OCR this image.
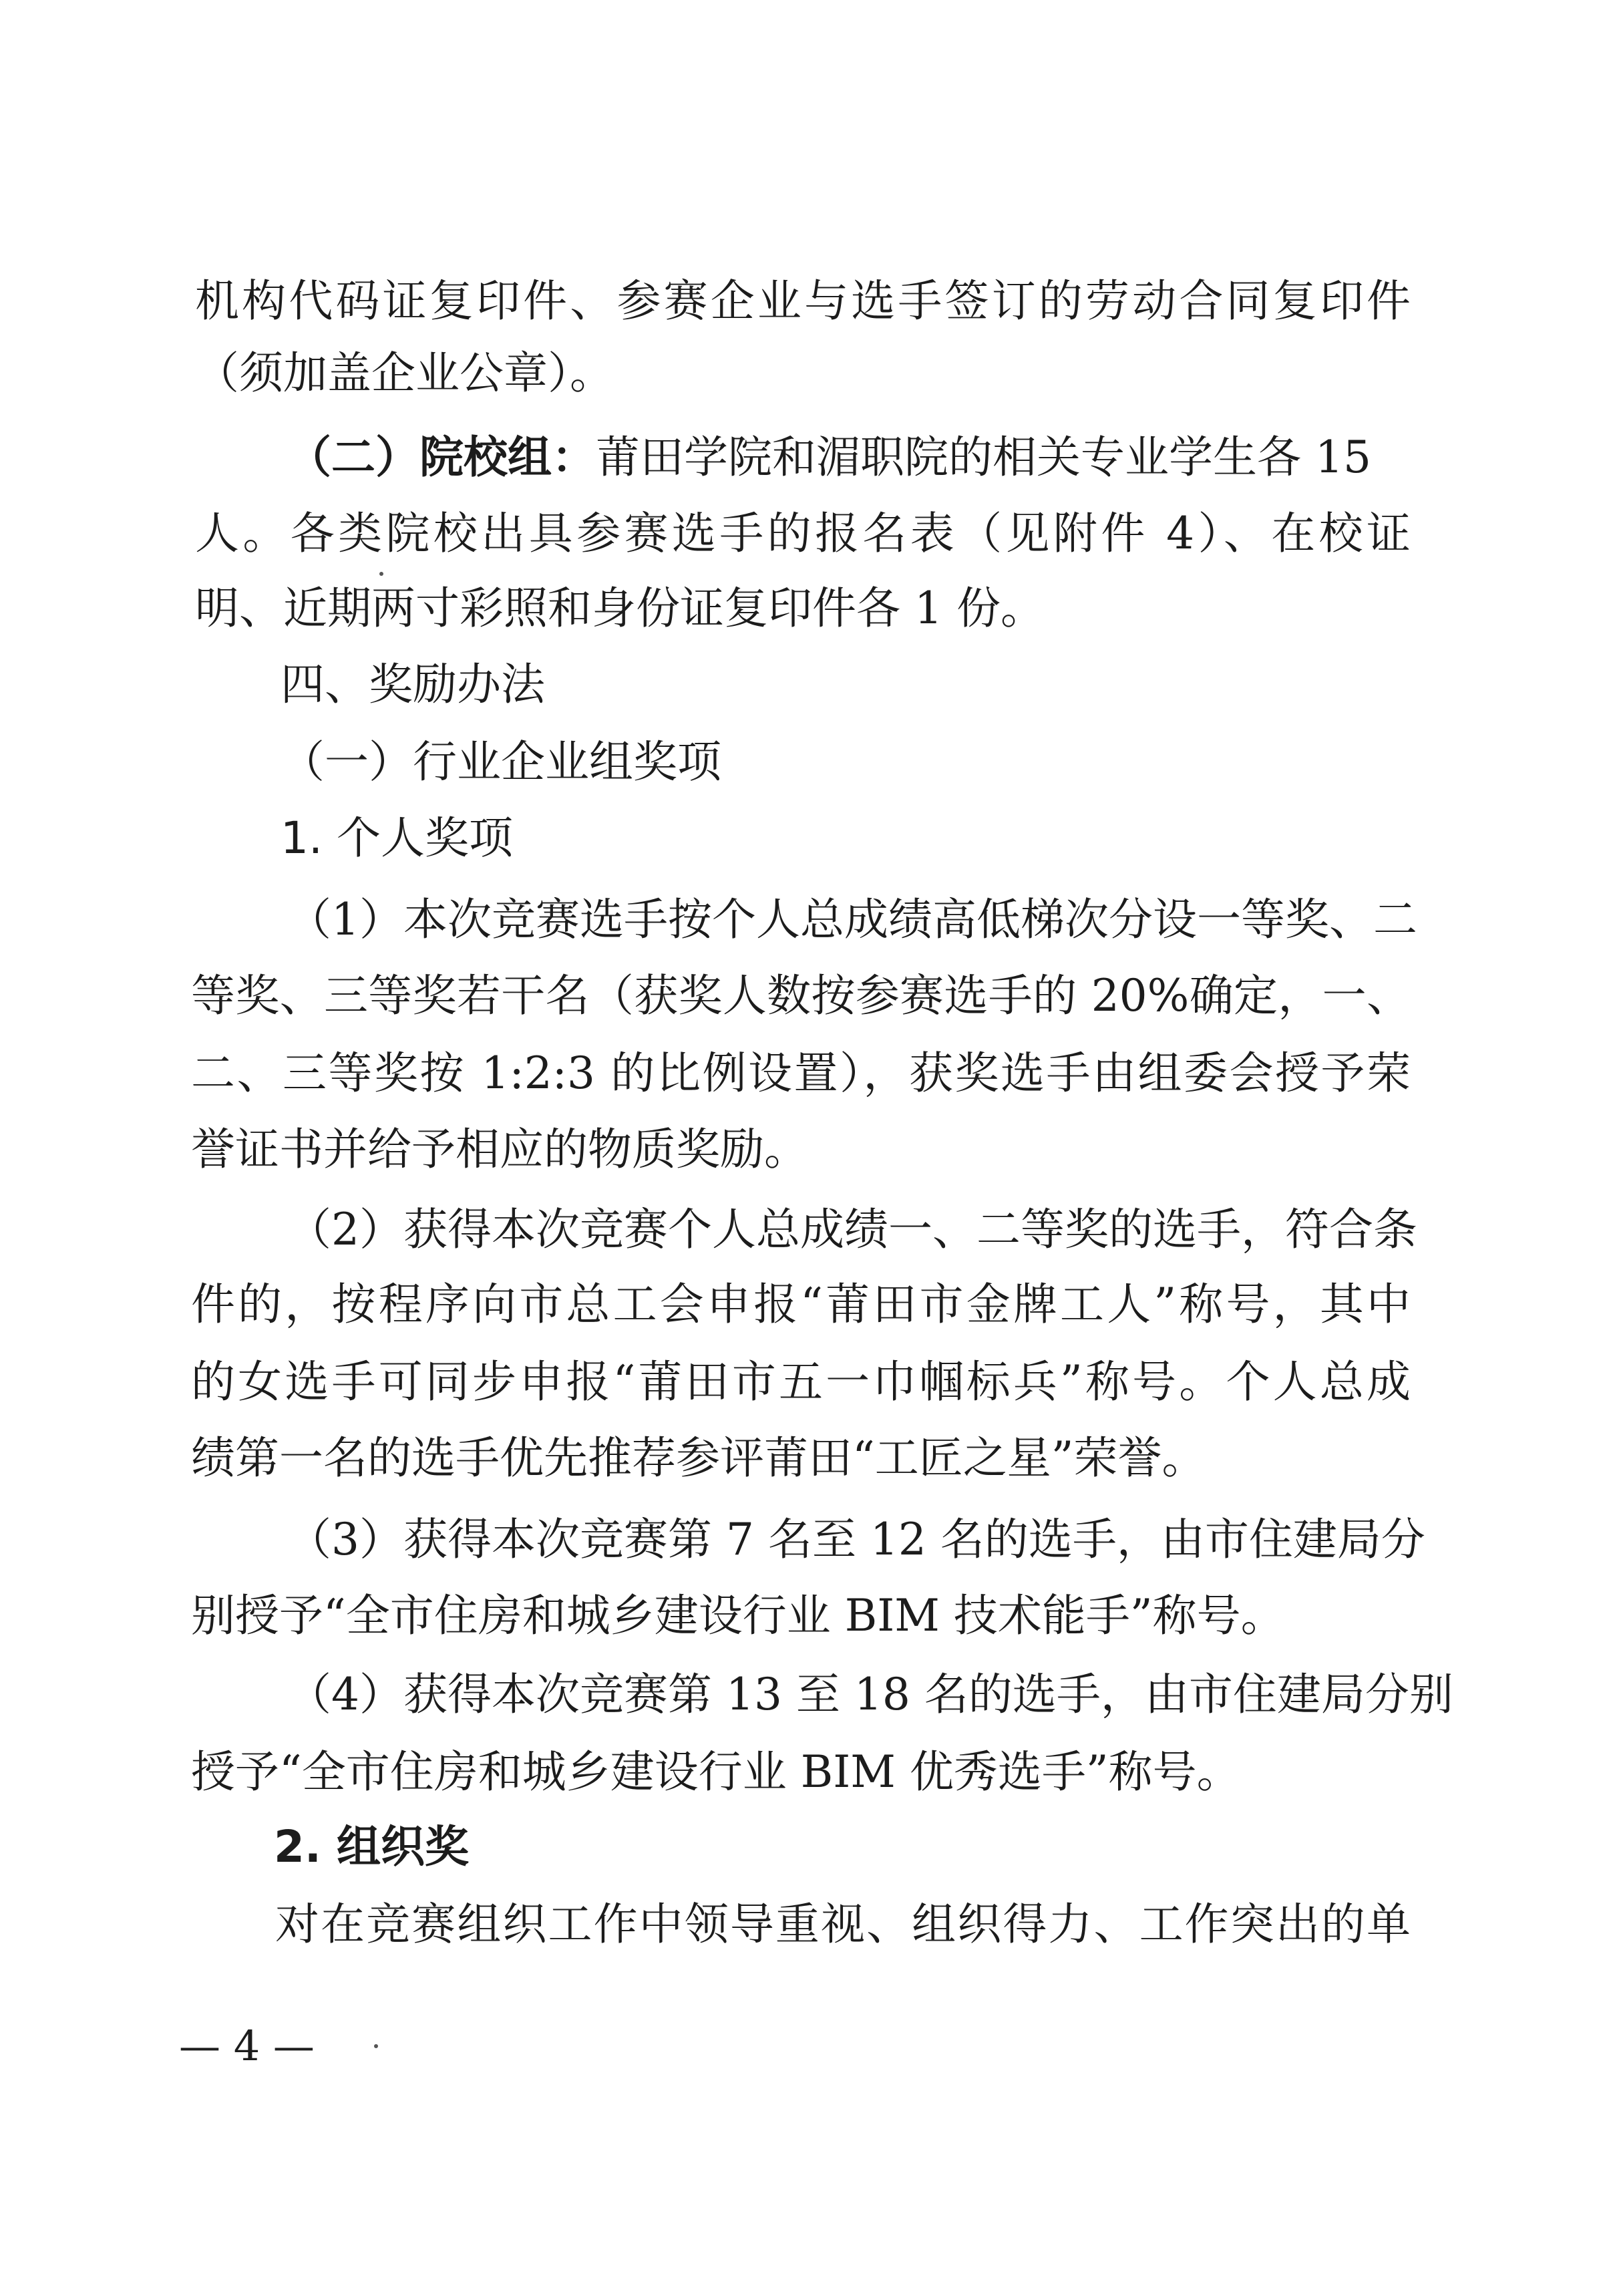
机构代码证复印件、参赛企业与选手签订的劳动合同复印件
（须加盖企业公章）。
（二）院校组：莆田学院和湄职院的相关专业学生各 15
人。各类院校出具参赛选手的报名表（见附件 4）、在校证
明、近期两寸彩照和身份证复印件各 1 份。
四、奖励办法
（一）行业企业组奖项
1. 个人奖项
（1）本次竞赛选手按个人总成绩高低梯次分设一等奖、二
等奖、三等奖若干名（获奖人数按参赛选手的 20%确定，一、
二、三等奖按 1:2:3 的比例设置），获奖选手由组委会授予荣
誉证书并给予相应的物质奖励。
（2）获得本次竞赛个人总成绩一、二等奖的选手，符合条
件的，按程序向市总工会申报“莆田市金牌工人”称号，其中
的女选手可同步申报“莆田市五一巾帼标兵”称号。个人总成
绩第一名的选手优先推荐参评莆田“工匠之星”荣誉。
（3）获得本次竞赛第 7 名至 12 名的选手，由市住建局分
别授予“全市住房和城乡建设行业 BIM 技术能手”称号。
（4）获得本次竞赛第 13 至 18 名的选手，由市住建局分别
授予“全市住房和城乡建设行业 BIM 优秀选手”称号。
2. 组织奖
对在竞赛组织工作中领导重视、组织得力、工作突出的单
— 4 —
